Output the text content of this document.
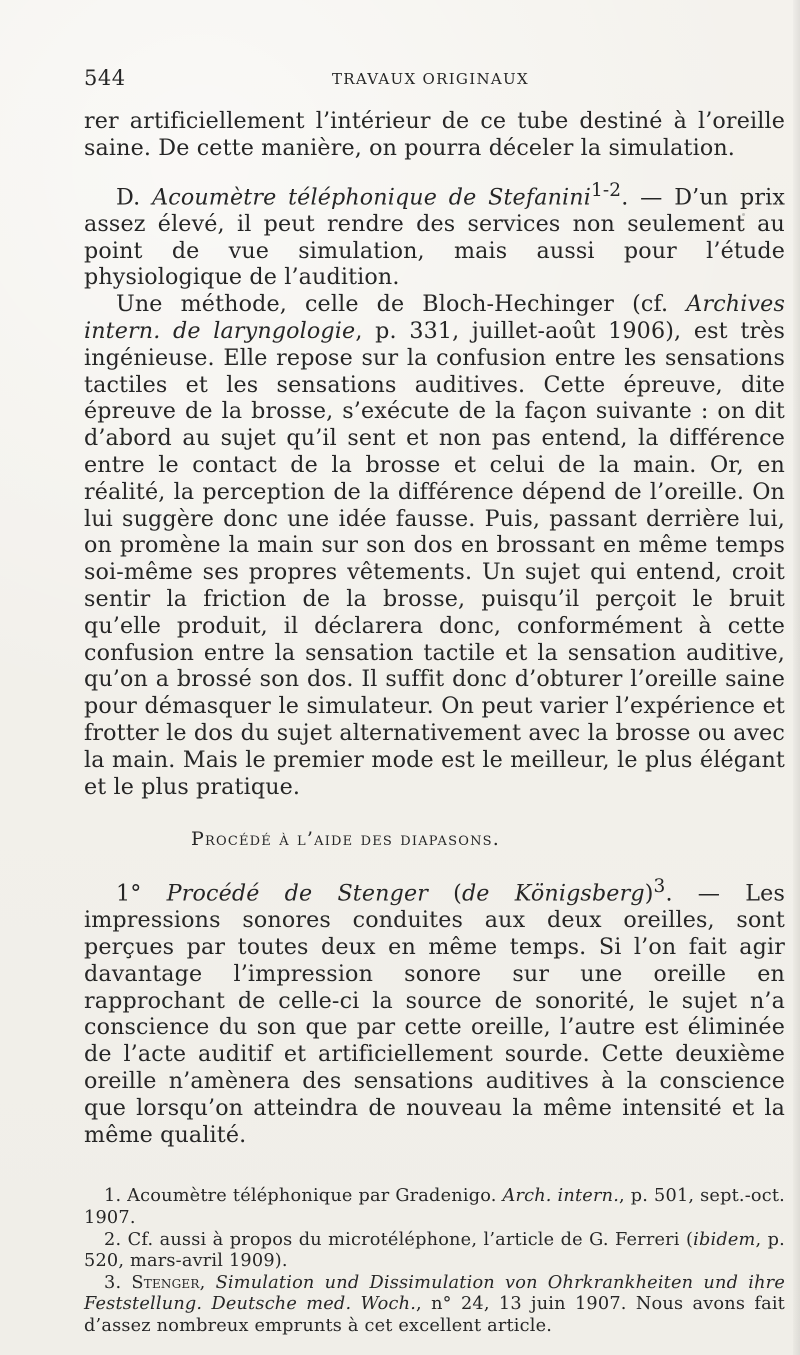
544	TRAVAUX ORIGINAUX

rer artificiellement l’intérieur de ce tube destiné à l’oreille saine. De cette manière, on pourra déceler la simulation.

D. Acoumètre téléphonique de Stefanini$^{1-2}$. — D’un prix assez élevé, il peut rendre des services non seulement au point de vue simulation, mais aussi pour l’étude physiologique de l’audition.

Une méthode, celle de Bloch-Hechinger (cf. Archives intern. de laryngologie, p. 331, juillet-août 1906), est très ingénieuse. Elle repose sur la confusion entre les sensations tactiles et les sensations auditives. Cette épreuve, dite épreuve de la brosse, s’exécute de la façon suivante : on dit d’abord au sujet qu’il sent et non pas entend, la différence entre le contact de la brosse et celui de la main. Or, en réalité, la perception de la différence dépend de l’oreille. On lui suggère donc une idée fausse. Puis, passant derrière lui, on promène la main sur son dos en brossant en même temps soi-même ses propres vêtements. Un sujet qui entend, croit sentir la friction de la brosse, puisqu’il perçoit le bruit qu’elle produit, il déclarera donc, conformément à cette confusion entre la sensation tactile et la sensation auditive, qu’on a brossé son dos. Il suffit donc d’obturer l’oreille saine pour démasquer le simulateur. On peut varier l’expérience et frotter le dos du sujet alternativement avec la brosse ou avec la main. Mais le premier mode est le meilleur, le plus élégant et le plus pratique.

Procédé à l’aide des diapasons.

1° Procédé de Stenger (de Königsberg)$^3$. — Les impressions sonores conduites aux deux oreilles, sont perçues par toutes deux en même temps. Si l’on fait agir davantage l’impression sonore sur une oreille en rapprochant de celle-ci la source de sonorité, le sujet n’a conscience du son que par cette oreille, l’autre est éliminée de l’acte auditif et artificiellement sourde. Cette deuxième oreille n’amènera des sensations auditives à la conscience que lorsqu’on atteindra de nouveau la même intensité et la même qualité.

1. Acoumètre téléphonique par Gradenigo. Arch. intern., p. 501, sept.-oct. 1907.

2. Cf. aussi à propos du microtéléphone, l’article de G. Ferreri (ibidem, p. 520, mars-avril 1909).

3. Stenger, Simulation und Dissimulation von Ohrkrankheiten und ihre Feststellung. Deutsche med. Woch., n° 24, 13 juin 1907. Nous avons fait d’assez nombreux emprunts à cet excellent article.
